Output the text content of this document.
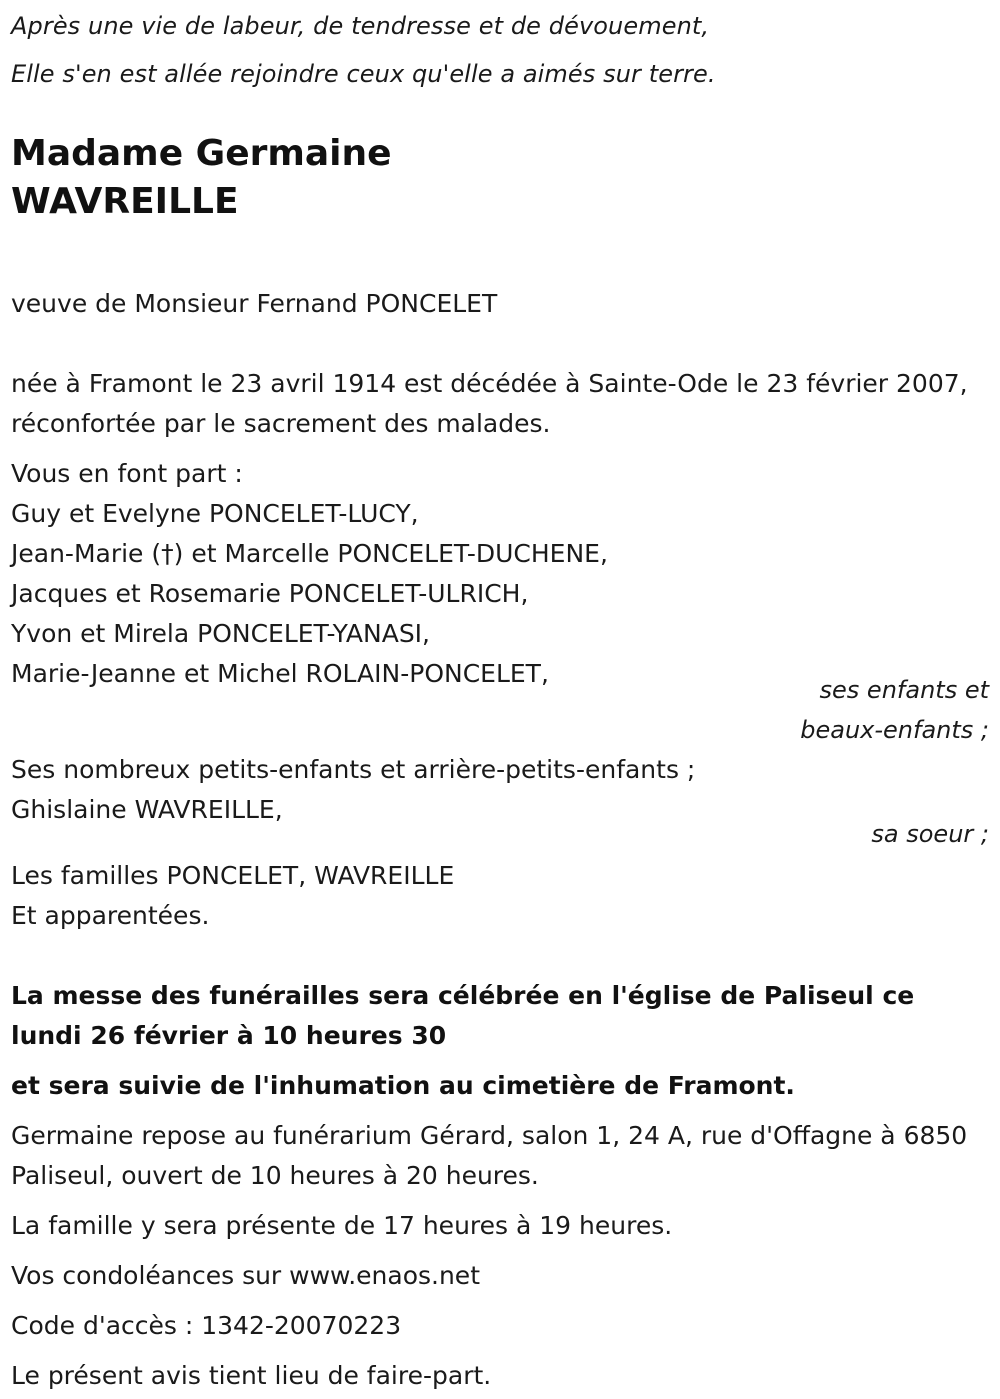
Après une vie de labeur, de tendresse et de dévouement,

Elle s'en est allée rejoindre ceux qu'elle a aimés sur terre.

Madame Germaine
WAVREILLE

veuve de Monsieur Fernand PONCELET

née à Framont le 23 avril 1914 est décédée à Sainte-Ode le 23 février 2007, réconfortée par le sacrement des malades.

Vous en font part :

Guy et Evelyne PONCELET-LUCY,

Jean-Marie (†) et Marcelle PONCELET-DUCHENE,

Jacques et Rosemarie PONCELET-ULRICH,

Yvon et Mirela PONCELET-YANASI,

Marie-Jeanne et Michel ROLAIN-PONCELET,

ses enfants et

beaux-enfants ;

Ses nombreux petits-enfants et arrière-petits-enfants ;

Ghislaine WAVREILLE,

sa soeur ;

Les familles PONCELET, WAVREILLE

Et apparentées.

La messe des funérailles sera célébrée en l'église de Paliseul ce lundi 26 février à 10 heures 30

et sera suivie de l'inhumation au cimetière de Framont.

Germaine repose au funérarium Gérard, salon 1, 24 A, rue d'Offagne à 6850 Paliseul, ouvert de 10 heures à 20 heures.

La famille y sera présente de 17 heures à 19 heures.

Vos condoléances sur www.enaos.net

Code d'accès : 1342-20070223

Le présent avis tient lieu de faire-part.
